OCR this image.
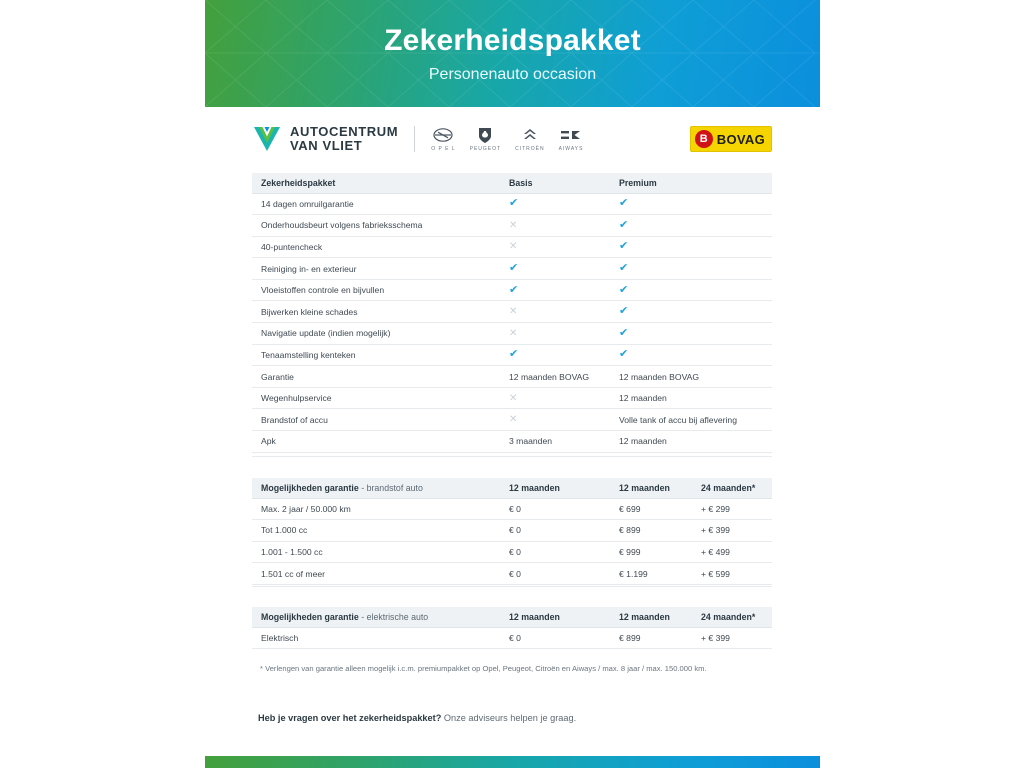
Zekerheidspakket
Personenauto occasion
AUTOCENTRUM
VAN VLIET	O P E L	PEUGEOT	CITROËN	AIWAYS
B BOVAG
Zekerheidspakket	Basis	Premium
14 dagen omruilgarantie	✔	✔
Onderhoudsbeurt volgens fabrieksschema	✕	✔
40-puntencheck	✕	✔
Reiniging in- en exterieur	✔	✔
Vloeistoffen controle en bijvullen	✔	✔
Bijwerken kleine schades	✕	✔
Navigatie update (indien mogelijk)	✕	✔
Tenaamstelling kenteken	✔	✔
Garantie	12 maanden BOVAG	12 maanden BOVAG
Wegenhulpservice	✕	12 maanden
Brandstof of accu	✕	Volle tank of accu bij aflevering
Apk	3 maanden	12 maanden
Mogelijkheden garantie - brandstof auto	12 maanden	12 maanden	24 maanden*
Max. 2 jaar / 50.000 km	€ 0	€ 699	+ € 299
Tot 1.000 cc	€ 0	€ 899	+ € 399
1.001 - 1.500 cc	€ 0	€ 999	+ € 499
1.501 cc of meer	€ 0	€ 1.199	+ € 599
Mogelijkheden garantie - elektrische auto	12 maanden	12 maanden	24 maanden*
Elektrisch	€ 0	€ 899	+ € 399
* Verlengen van garantie alleen mogelijk i.c.m. premiumpakket op Opel, Peugeot, Citroën en Aiways / max. 8 jaar / max. 150.000 km.
Heb je vragen over het zekerheidspakket? Onze adviseurs helpen je graag.
